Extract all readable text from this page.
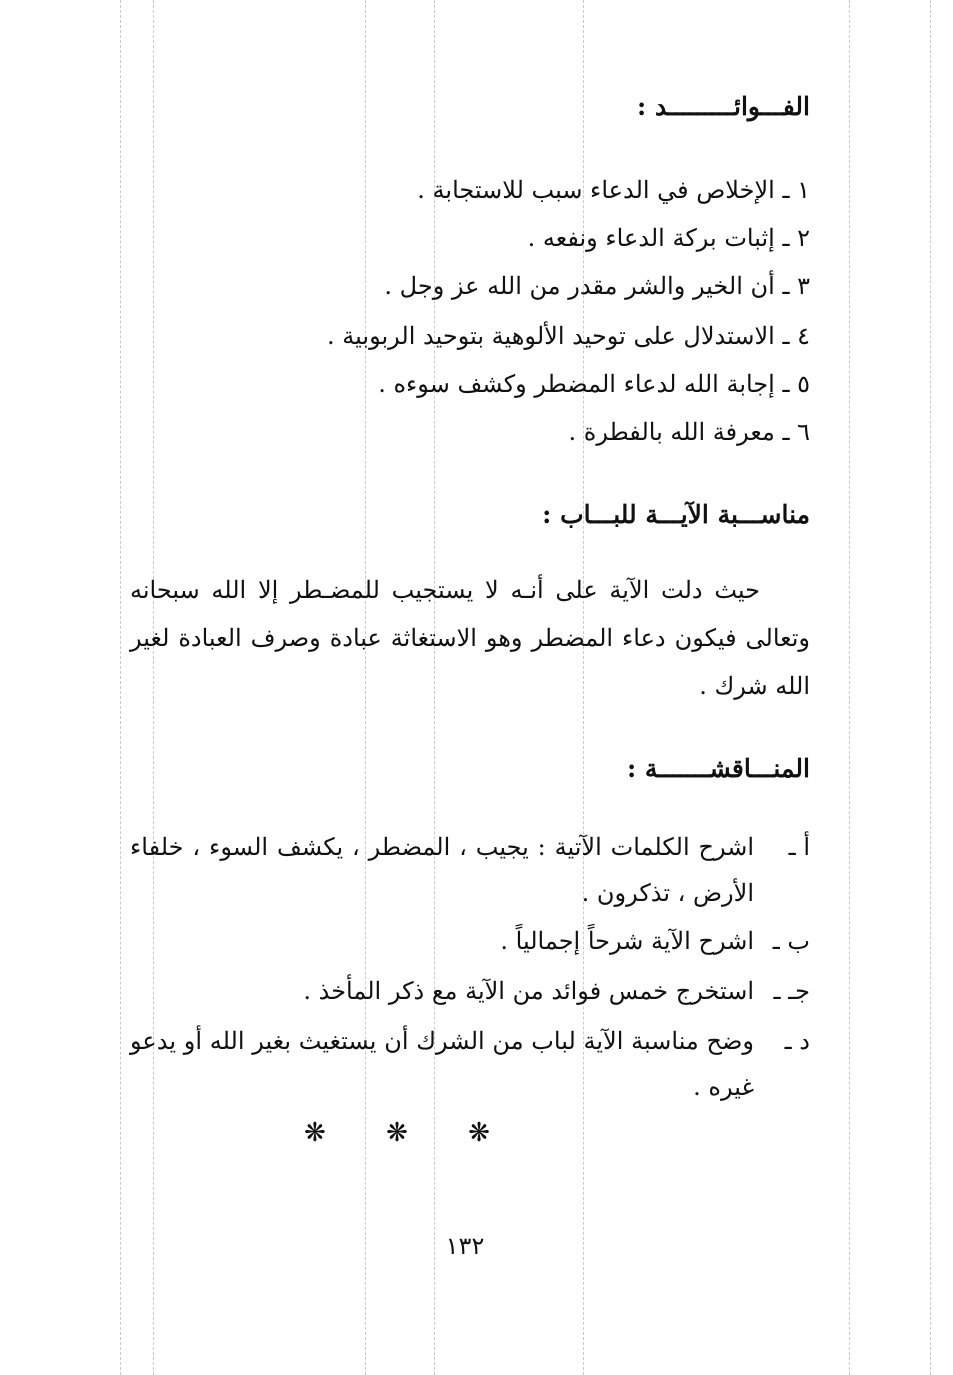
الفـــوائـــــــــد :
١ ـ الإخلاص في الدعاء سبب للاستجابة .
٢ ـ إثبات بركة الدعاء ونفعه .
٣ ـ أن الخير والشر مقدر من الله عز وجل .
٤ ـ الاستدلال على توحيد الألوهية بتوحيد الربوبية .
٥ ـ إجابة الله لدعاء المضطر وكشف سوءه .
٦ ـ معرفة الله بالفطرة .
مناســـبة الآيـــة للبـــاب :
حيث دلت الآية على أنـه لا يستجيب للمضـطر إلا الله سبحانه وتعالى فيكون دعاء المضطر وهو الاستغاثة عبادة وصرف العبادة لغير الله شرك .
المنـــاقشـــــــة :
أ ـ
اشرح الكلمات الآتية : يجيب ، المضطر ، يكشف السوء ، خلفاء الأرض ، تذكرون .
ب ـ
اشرح الآية شرحاً إجمالياً .
جـ ـ
استخرج خمس فوائد من الآية مع ذكر المأخذ .
د ـ
وضح مناسبة الآية لباب من الشرك أن يستغيث بغير الله أو يدعو غيره .
❋ ❋ ❋
١٣٢
